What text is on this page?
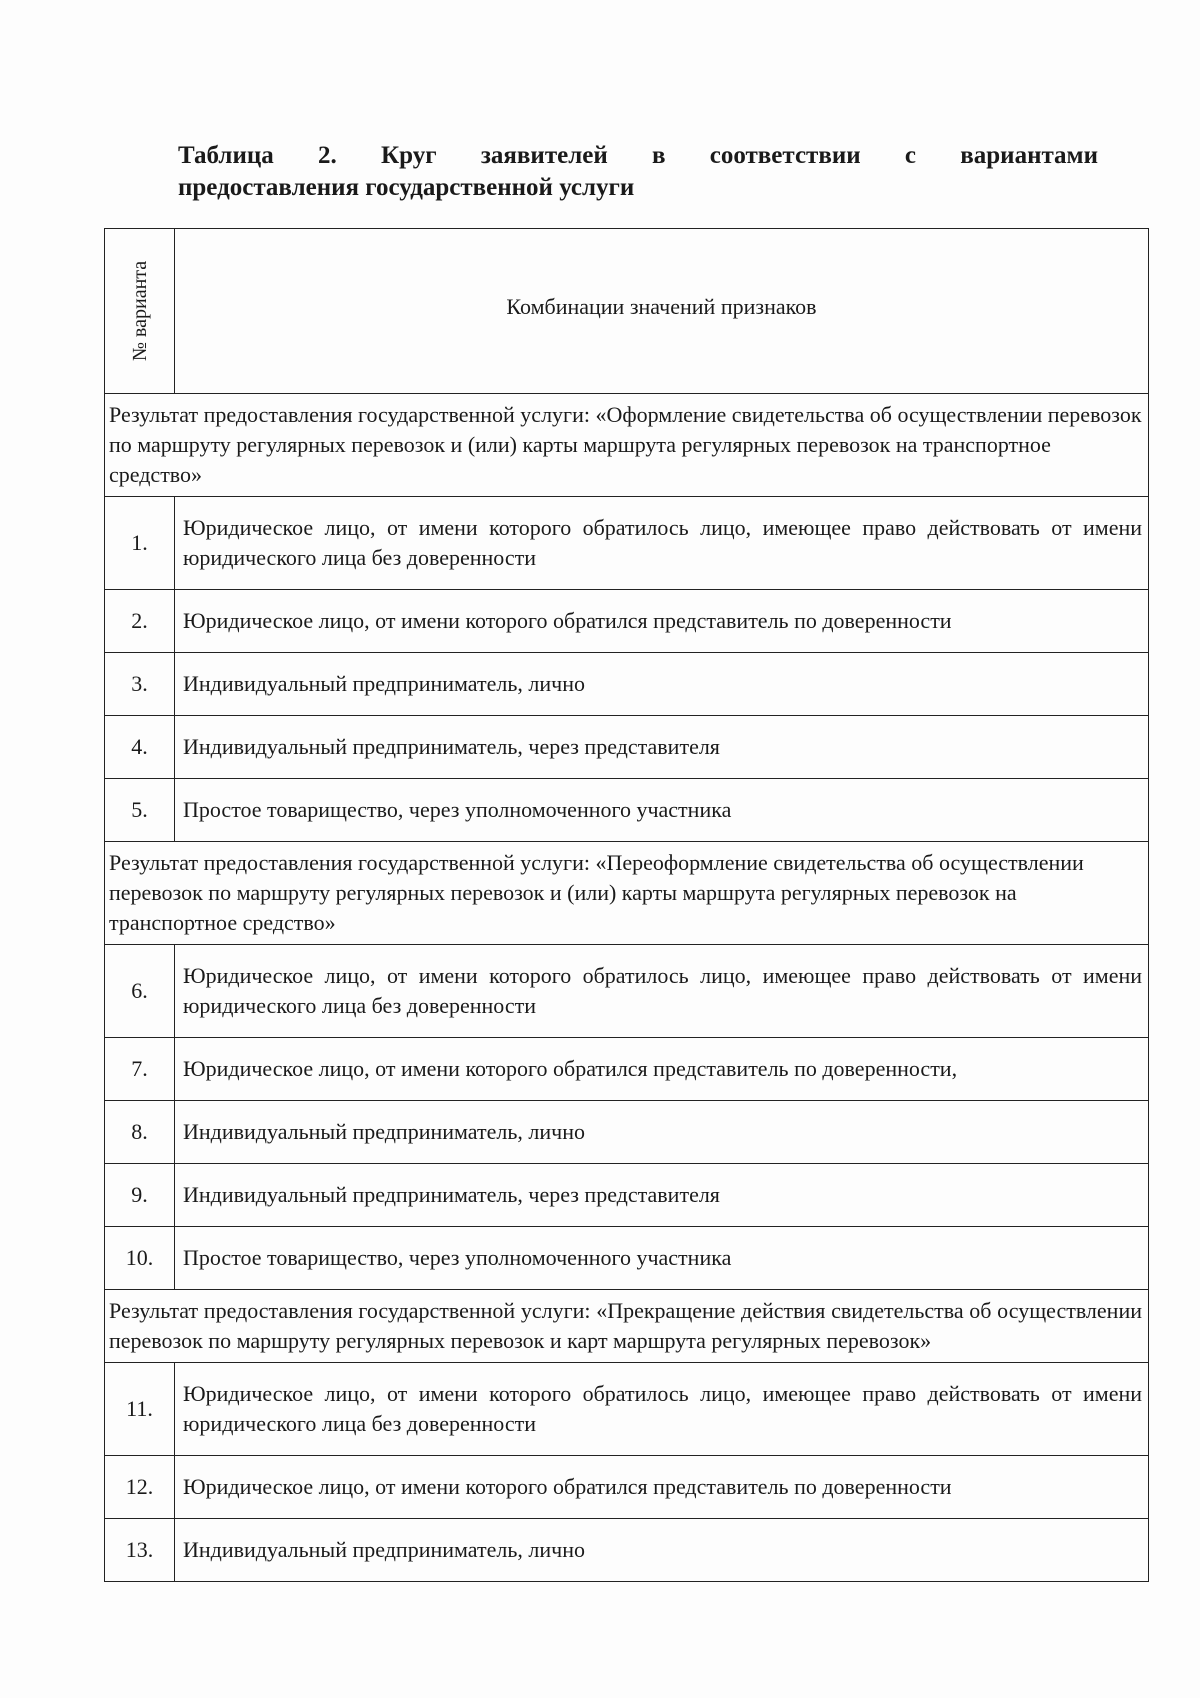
Таблица 2. Круг заявителей в соответствии с вариантами
предоставления государственной услуги
№ варианта	Комбинации значений признаков
Результат предоставления государственной услуги: «Оформление свидетельства об осуществлении перевозок по маршруту регулярных перевозок и (или) карты маршрута регулярных перевозок на транспортное средство»	
1.	Юридическое лицо, от имени которого обратилось лицо, имеющее право действовать от имени юридического лица без доверенности
2.	Юридическое лицо, от имени которого обратился представитель по доверенности
3.	Индивидуальный предприниматель, лично
4.	Индивидуальный предприниматель, через представителя
5.	Простое товарищество, через уполномоченного участника
Результат предоставления государственной услуги: «Переоформление свидетельства об осуществлении перевозок по маршруту регулярных перевозок и (или) карты маршрута регулярных перевозок на транспортное средство»	
6.	Юридическое лицо, от имени которого обратилось лицо, имеющее право действовать от имени юридического лица без доверенности
7.	Юридическое лицо, от имени которого обратился представитель по доверенности,
8.	Индивидуальный предприниматель, лично
9.	Индивидуальный предприниматель, через представителя
10.	Простое товарищество, через уполномоченного участника
Результат предоставления государственной услуги: «Прекращение действия свидетельства об осуществлении перевозок по маршруту регулярных перевозок и карт маршрута регулярных перевозок»	
11.	Юридическое лицо, от имени которого обратилось лицо, имеющее право действовать от имени юридического лица без доверенности
12.	Юридическое лицо, от имени которого обратился представитель по доверенности
13.	Индивидуальный предприниматель, лично
